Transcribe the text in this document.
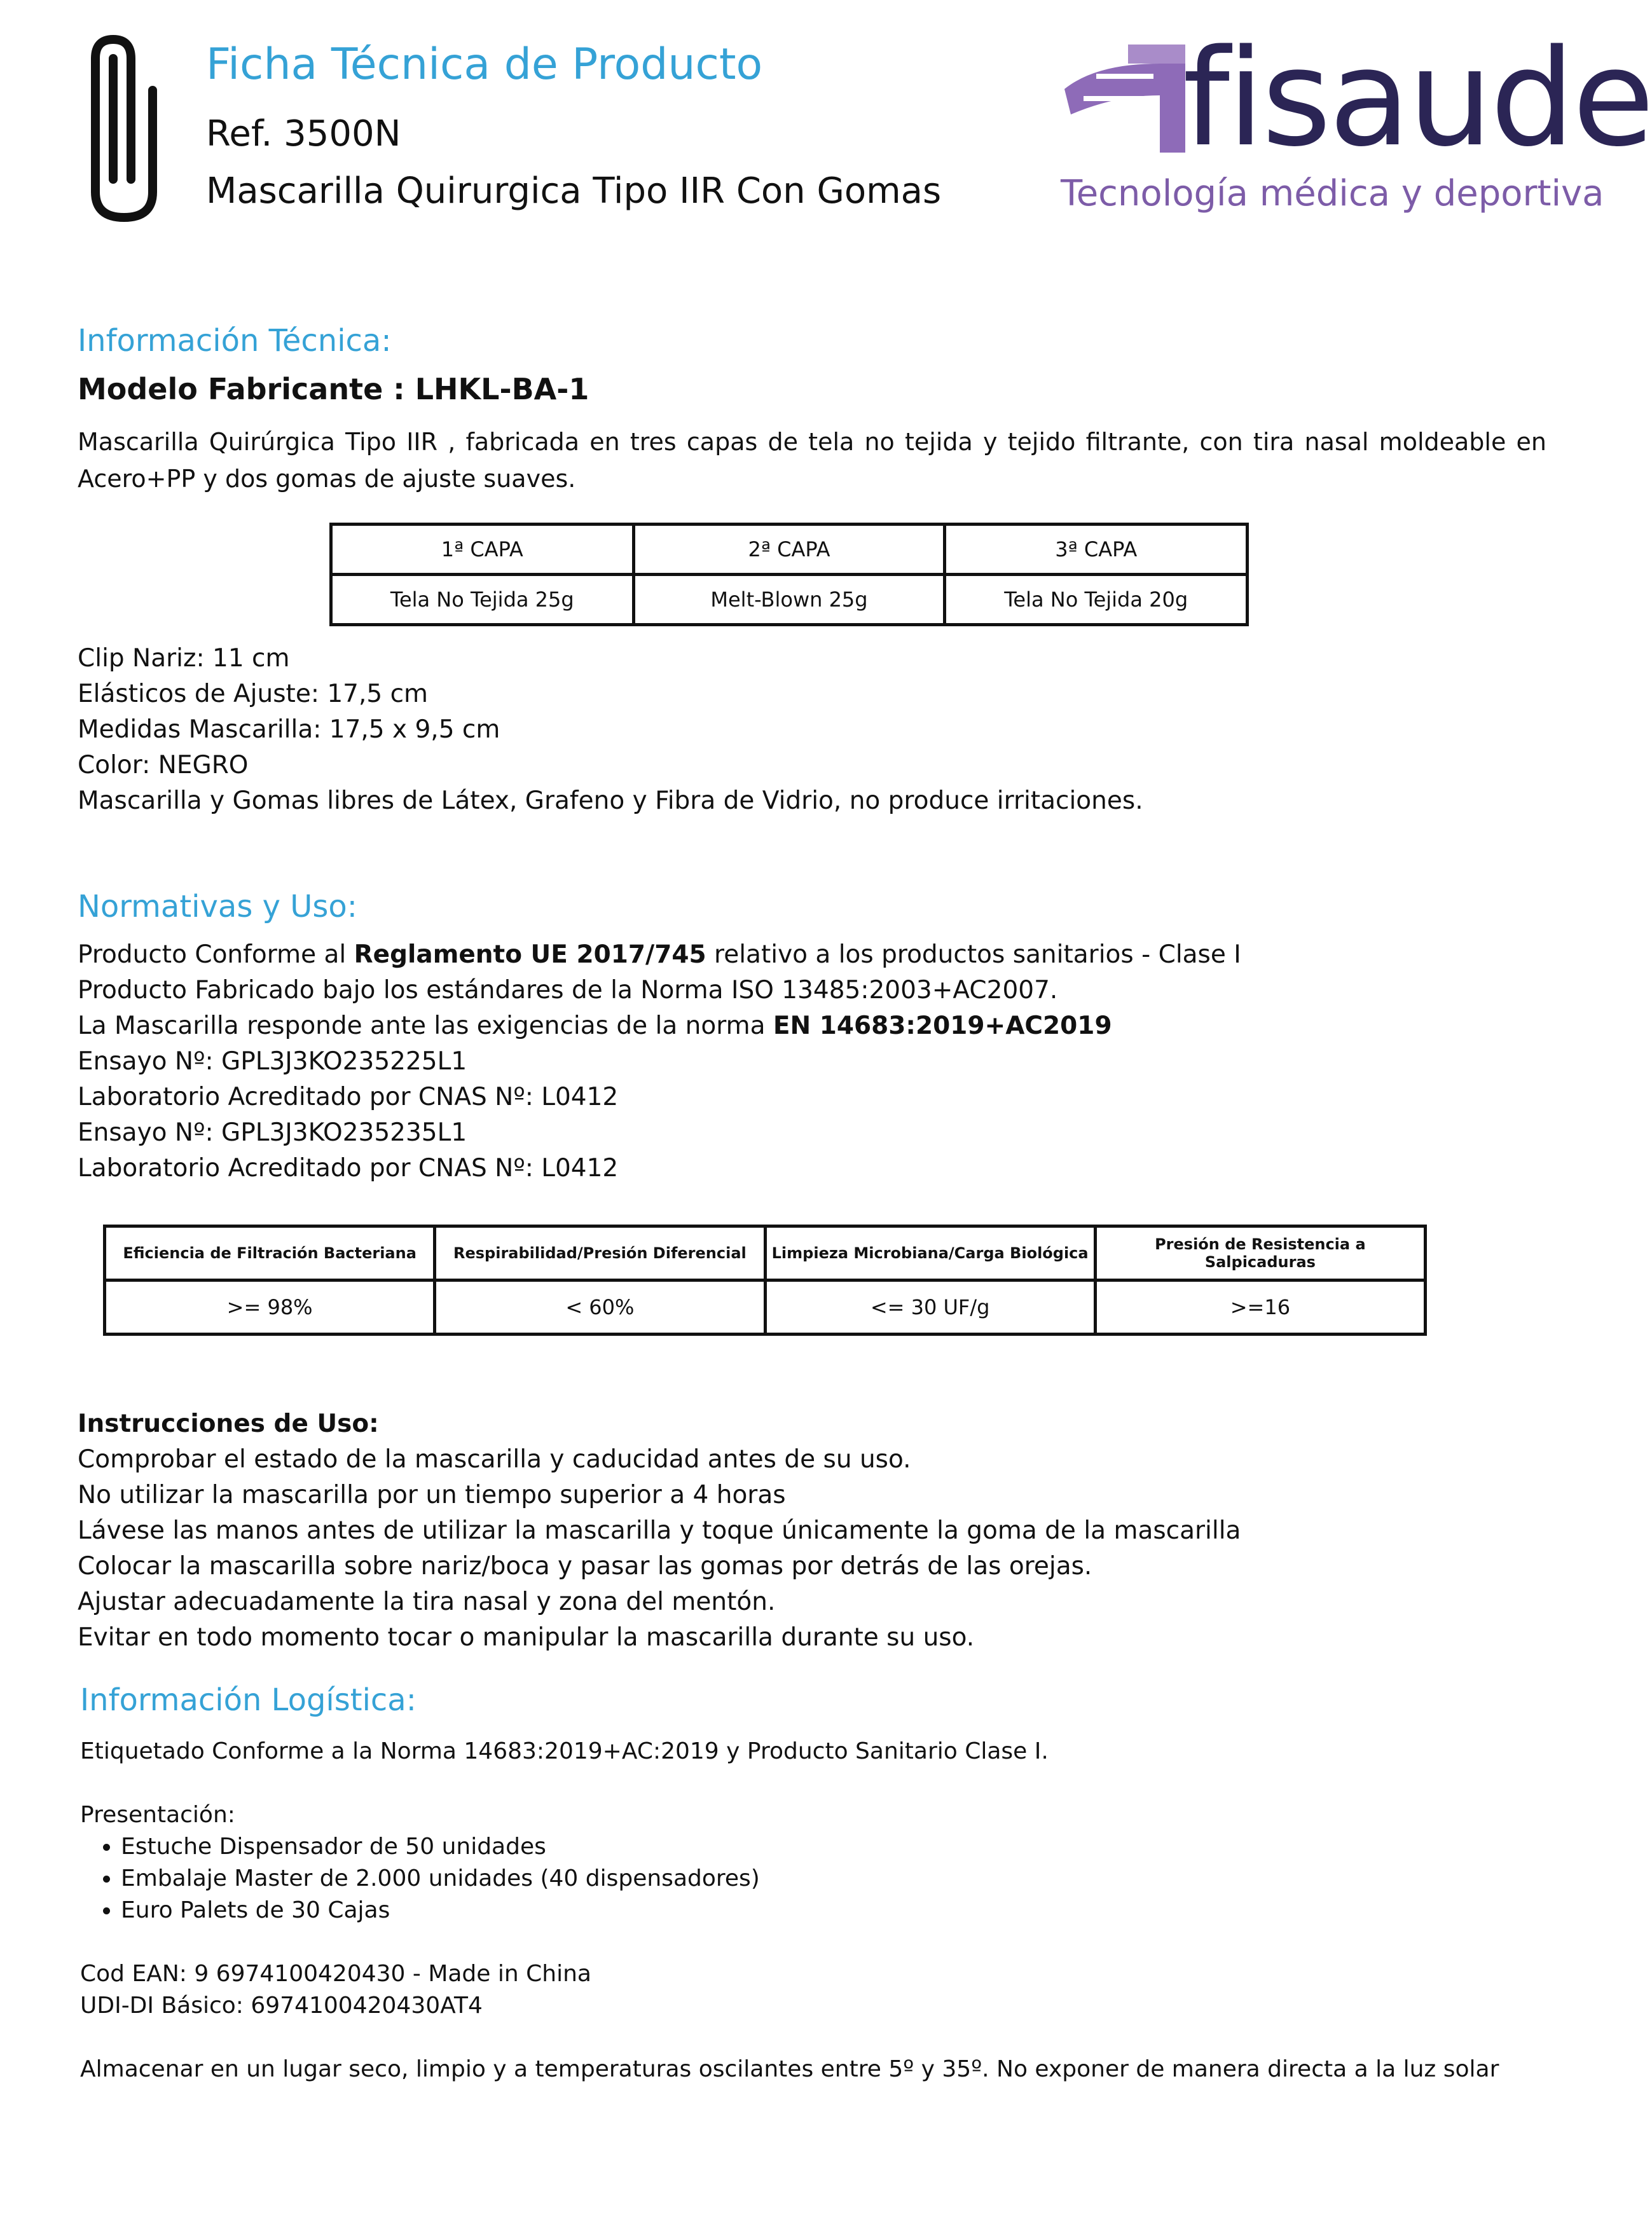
Ficha Técnica de Producto
Ref. 3500N
Mascarilla Quirurgica Tipo IIR Con Gomas
fisaude
Tecnología médica y deportiva
Información Técnica:
Modelo Fabricante : LHKL-BA-1
Mascarilla Quirúrgica Tipo IIR , fabricada en tres capas de tela no tejida y tejido filtrante, con tira nasal moldeable en Acero+PP y dos gomas de ajuste suaves.
1ª CAPA	2ª CAPA	3ª CAPA
Tela No Tejida 25g	Melt-Blown 25g	Tela No Tejida 20g
Clip Nariz: 11 cm
Elásticos de Ajuste: 17,5 cm
Medidas Mascarilla: 17,5 x 9,5 cm
Color: NEGRO
Mascarilla y Gomas libres de Látex, Grafeno y Fibra de Vidrio, no produce irritaciones.
Normativas y Uso:
Producto Conforme al Reglamento UE 2017/745 relativo a los productos sanitarios - Clase I
Producto Fabricado bajo los estándares de la Norma ISO 13485:2003+AC2007.
La Mascarilla responde ante las exigencias de la norma EN 14683:2019+AC2019
Ensayo Nº: GPL3J3KO235225L1
Laboratorio Acreditado por CNAS Nº: L0412
Ensayo Nº: GPL3J3KO235235L1
Laboratorio Acreditado por CNAS Nº: L0412
Eficiencia de Filtración Bacteriana	Respirabilidad/Presión Diferencial	Limpieza Microbiana/Carga Biológica	Presión de Resistencia a Salpicaduras
>= 98%	< 60%	<= 30 UF/g	>=16
Instrucciones de Uso:
Comprobar el estado de la mascarilla y caducidad antes de su uso.
No utilizar la mascarilla por un tiempo superior a 4 horas
Lávese las manos antes de utilizar la mascarilla y toque únicamente la goma de la mascarilla
Colocar la mascarilla sobre nariz/boca y pasar las gomas por detrás de las orejas.
Ajustar adecuadamente la tira nasal y zona del mentón.
Evitar en todo momento tocar o manipular la mascarilla durante su uso.
Información Logística:
Etiquetado Conforme a la Norma 14683:2019+AC:2019 y Producto Sanitario Clase I.
Presentación:
• Estuche Dispensador de 50 unidades
• Embalaje Master de 2.000 unidades (40 dispensadores)
• Euro Palets de 30 Cajas
Cod EAN: 9 6974100420430 - Made in China
UDI-DI Básico: 6974100420430AT4
Almacenar en un lugar seco, limpio y a temperaturas oscilantes entre 5º y 35º. No exponer de manera directa a la luz solar
